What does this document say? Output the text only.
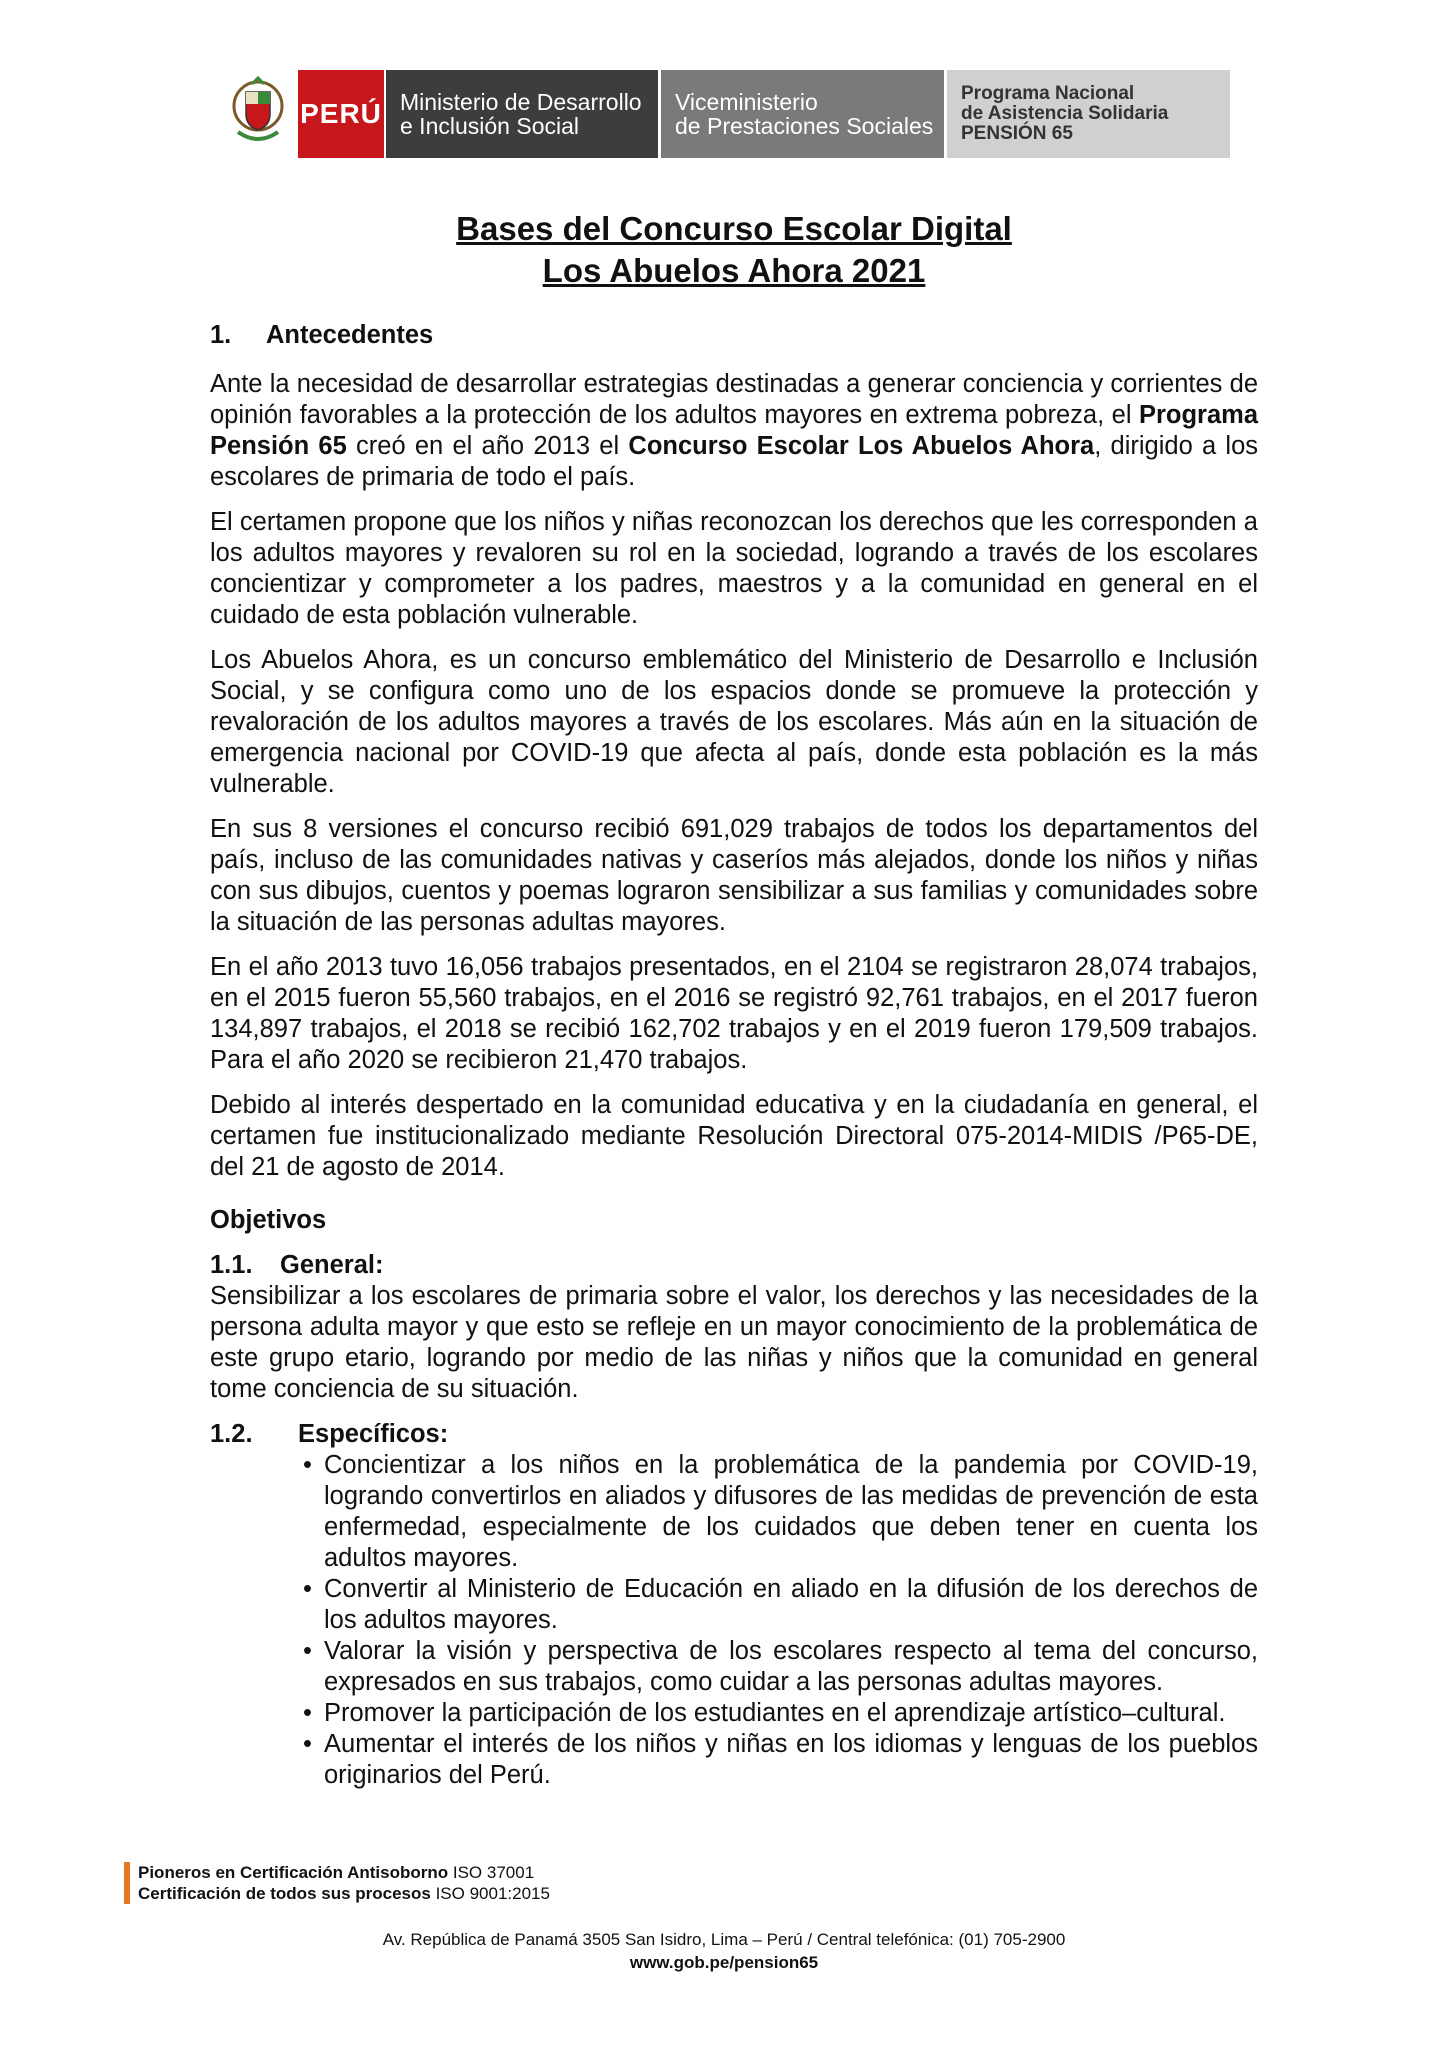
PERÚ Ministerio de Desarrollo
e Inclusión Social
Viceministerio
de Prestaciones Sociales
Programa Nacional
de Asistencia Solidaria
PENSIÓN 65
Bases del Concurso Escolar Digital
Los Abuelos Ahora 2021
1. Antecedentes

Ante la necesidad de desarrollar estrategias destinadas a generar conciencia y corrientes de opinión favorables a la protección de los adultos mayores en extrema pobreza, el Programa Pensión 65 creó en el año 2013 el Concurso Escolar Los Abuelos Ahora, dirigido a los escolares de primaria de todo el país.

El certamen propone que los niños y niñas reconozcan los derechos que les corresponden a los adultos mayores y revaloren su rol en la sociedad, logrando a través de los escolares concientizar y comprometer a los padres, maestros y a la comunidad en general en el cuidado de esta población vulnerable.

Los Abuelos Ahora, es un concurso emblemático del Ministerio de Desarrollo e Inclusión Social, y se configura como uno de los espacios donde se promueve la protección y revaloración de los adultos mayores a través de los escolares. Más aún en la situación de emergencia nacional por COVID-19 que afecta al país, donde esta población es la más vulnerable.

En sus 8 versiones el concurso recibió 691,029 trabajos de todos los departamentos del país, incluso de las comunidades nativas y caseríos más alejados, donde los niños y niñas con sus dibujos, cuentos y poemas lograron sensibilizar a sus familias y comunidades sobre la situación de las personas adultas mayores.

En el año 2013 tuvo 16,056 trabajos presentados, en el 2104 se registraron 28,074 trabajos, en el 2015 fueron 55,560 trabajos, en el 2016 se registró 92,761 trabajos, en el 2017 fueron 134,897 trabajos, el 2018 se recibió 162,702 trabajos y en el 2019 fueron 179,509 trabajos. Para el año 2020 se recibieron 21,470 trabajos.

Debido al interés despertado en la comunidad educativa y en la ciudadanía en general, el certamen fue institucionalizado mediante Resolución Directoral 075-2014-MIDIS /P65-DE, del 21 de agosto de 2014.

Objetivos
1.1. General:

Sensibilizar a los escolares de primaria sobre el valor, los derechos y las necesidades de la persona adulta mayor y que esto se refleje en un mayor conocimiento de la problemática de este grupo etario, logrando por medio de las niñas y niños que la comunidad en general tome conciencia de su situación.

1.2. Específicos:
• Concientizar a los niños en la problemática de la pandemia por COVID-19, logrando convertirlos en aliados y difusores de las medidas de prevención de esta enfermedad, especialmente de los cuidados que deben tener en cuenta los adultos mayores.
• Convertir al Ministerio de Educación en aliado en la difusión de los derechos de los adultos mayores.
• Valorar la visión y perspectiva de los escolares respecto al tema del concurso, expresados en sus trabajos, como cuidar a las personas adultas mayores.
• Promover la participación de los estudiantes en el aprendizaje artístico–cultural.
• Aumentar el interés de los niños y niñas en los idiomas y lenguas de los pueblos originarios del Perú.
Pioneros en Certificación Antisoborno ISO 37001
Certificación de todos sus procesos ISO 9001:2015
Av. República de Panamá 3505 San Isidro, Lima – Perú / Central telefónica: (01) 705-2900
www.gob.pe/pension65
